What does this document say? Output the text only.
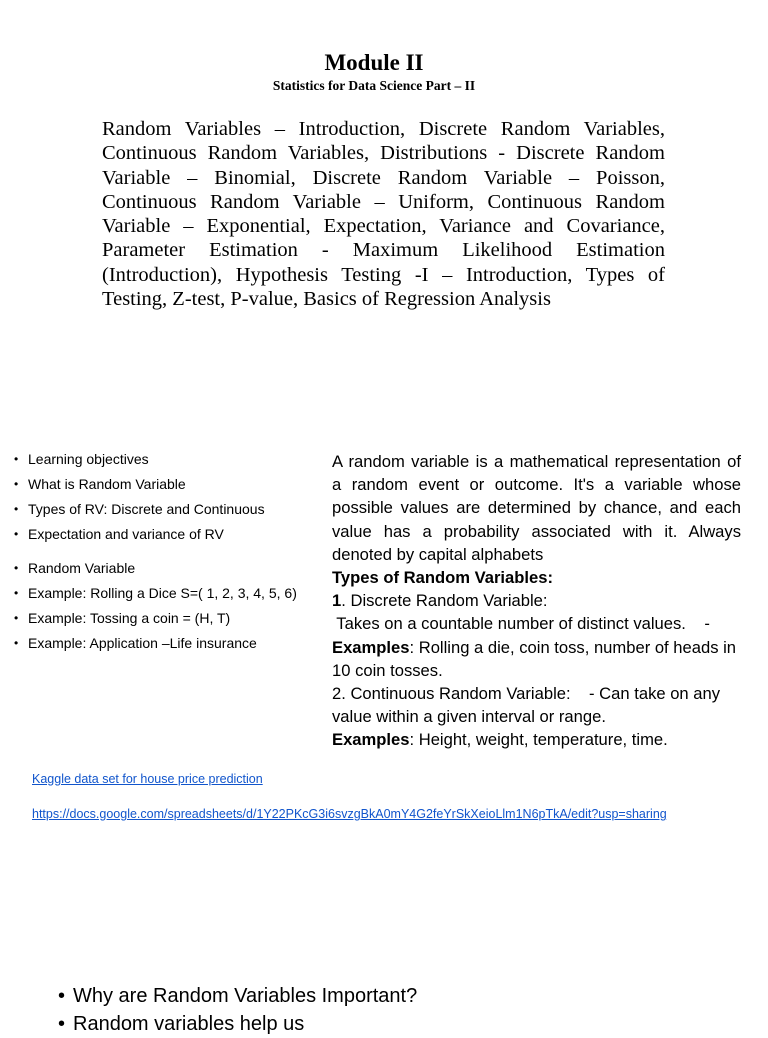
Module II
Statistics for Data Science Part – II

Random Variables – Introduction, Discrete Random Variables, Continuous Random Variables, Distributions - Discrete Random Variable – Binomial, Discrete Random Variable – Poisson, Continuous Random Variable – Uniform, Continuous Random Variable – Exponential, Expectation, Variance and Covariance, Parameter Estimation - Maximum Likelihood Estimation (Introduction), Hypothesis Testing -I – Introduction, Types of Testing, Z-test, P-value, Basics of Regression Analysis

• Learning objectives
• What is Random Variable
• Types of RV: Discrete and Continuous
• Expectation and variance of RV
• Random Variable
• Example: Rolling a Dice S=( 1, 2, 3, 4, 5, 6)
• Example: Tossing a coin = (H, T)
• Example: Application –Life insurance

A random variable is a mathematical representation of a random event or outcome. It's a variable whose possible values are determined by chance, and each value has a probability associated with it. Always denoted by capital alphabets

Types of Random Variables:

1. Discrete Random Variable:

Takes on a countable number of distinct values.    -

Examples: Rolling a die, coin toss, number of heads in 10 coin tosses.

2. Continuous Random Variable:    - Can take on any value within a given interval or range.

Examples: Height, weight, temperature, time.

Kaggle data set for house price prediction
https://docs.google.com/spreadsheets/d/1Y22PKcG3i6svzgBkA0mY4G2feYrSkXeioLlm1N6pTkA/edit?usp=sharing
• Why are Random Variables Important?
• Random variables help us
